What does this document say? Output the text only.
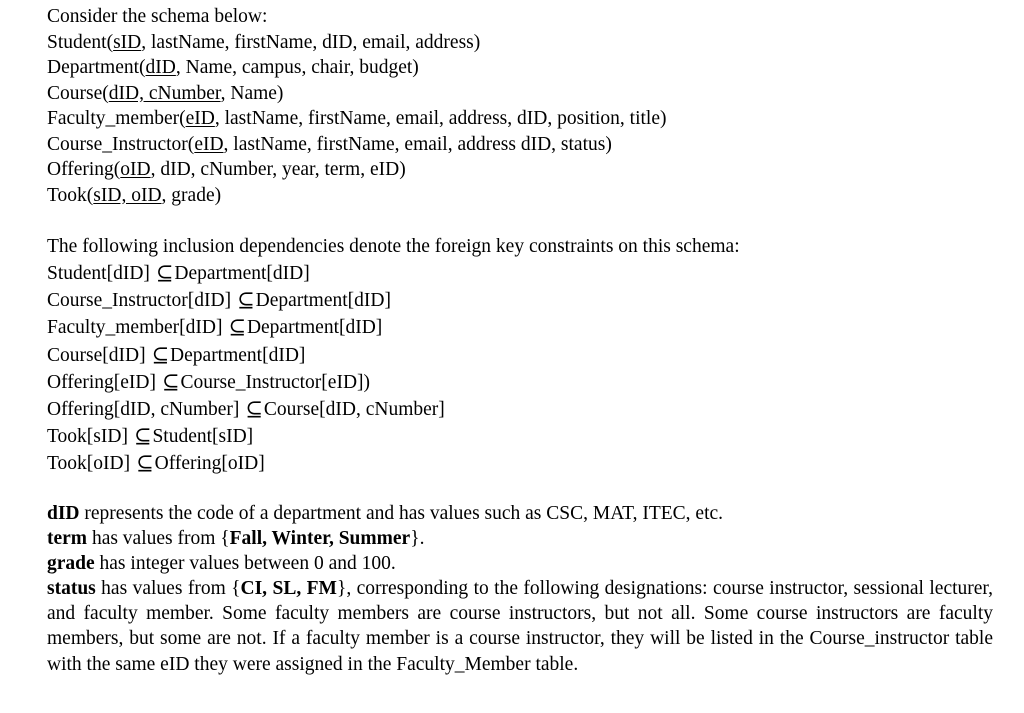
Consider the schema below:
Student(sID, lastName, firstName, dID, email, address)
Department(dID, Name, campus, chair, budget)
Course(dID, cNumber, Name)
Faculty_member(eID, lastName, firstName, email, address, dID, position, title)
Course_Instructor(eID, lastName, firstName, email, address dID, status)
Offering(oID, dID, cNumber, year, term, eID)
Took(sID, oID, grade)
The following inclusion dependencies denote the foreign key constraints on this schema:
Student[dID] ⊆Department[dID]
Course_Instructor[dID] ⊆Department[dID]
Faculty_member[dID] ⊆Department[dID]
Course[dID] ⊆Department[dID]
Offering[eID] ⊆Course_Instructor[eID])
Offering[dID, cNumber] ⊆Course[dID, cNumber]
Took[sID] ⊆Student[sID]
Took[oID] ⊆Offering[oID]
dID represents the code of a department and has values such as CSC, MAT, ITEC, etc.
term has values from {Fall, Winter, Summer}.
grade has integer values between 0 and 100.
status has values from {CI, SL, FM}, corresponding to the following designations: course instructor, sessional lecturer, and faculty member. Some faculty members are course instructors, but not all. Some course instructors are faculty members, but some are not. If a faculty member is a course instructor, they will be listed in the Course_instructor table with the same eID they were assigned in the Faculty_Member table.
